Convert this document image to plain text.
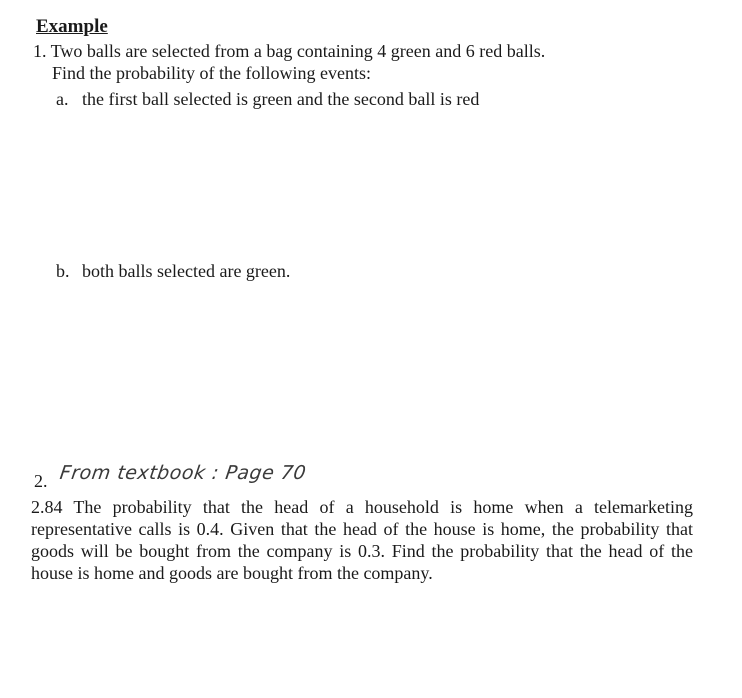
Example

1. Two balls are selected from a bag containing 4 green and 6 red balls.

Find the probability of the following events:

a. the first ball selected is green and the second ball is red

b. both balls selected are green.

2. From textbook : Page 70

2.84 The probability that the head of a household is home when a telemarketing representative calls is 0.4. Given that the head of the house is home, the probability that goods will be bought from the company is 0.3. Find the probability that the head of the house is home and goods are bought from the company.
